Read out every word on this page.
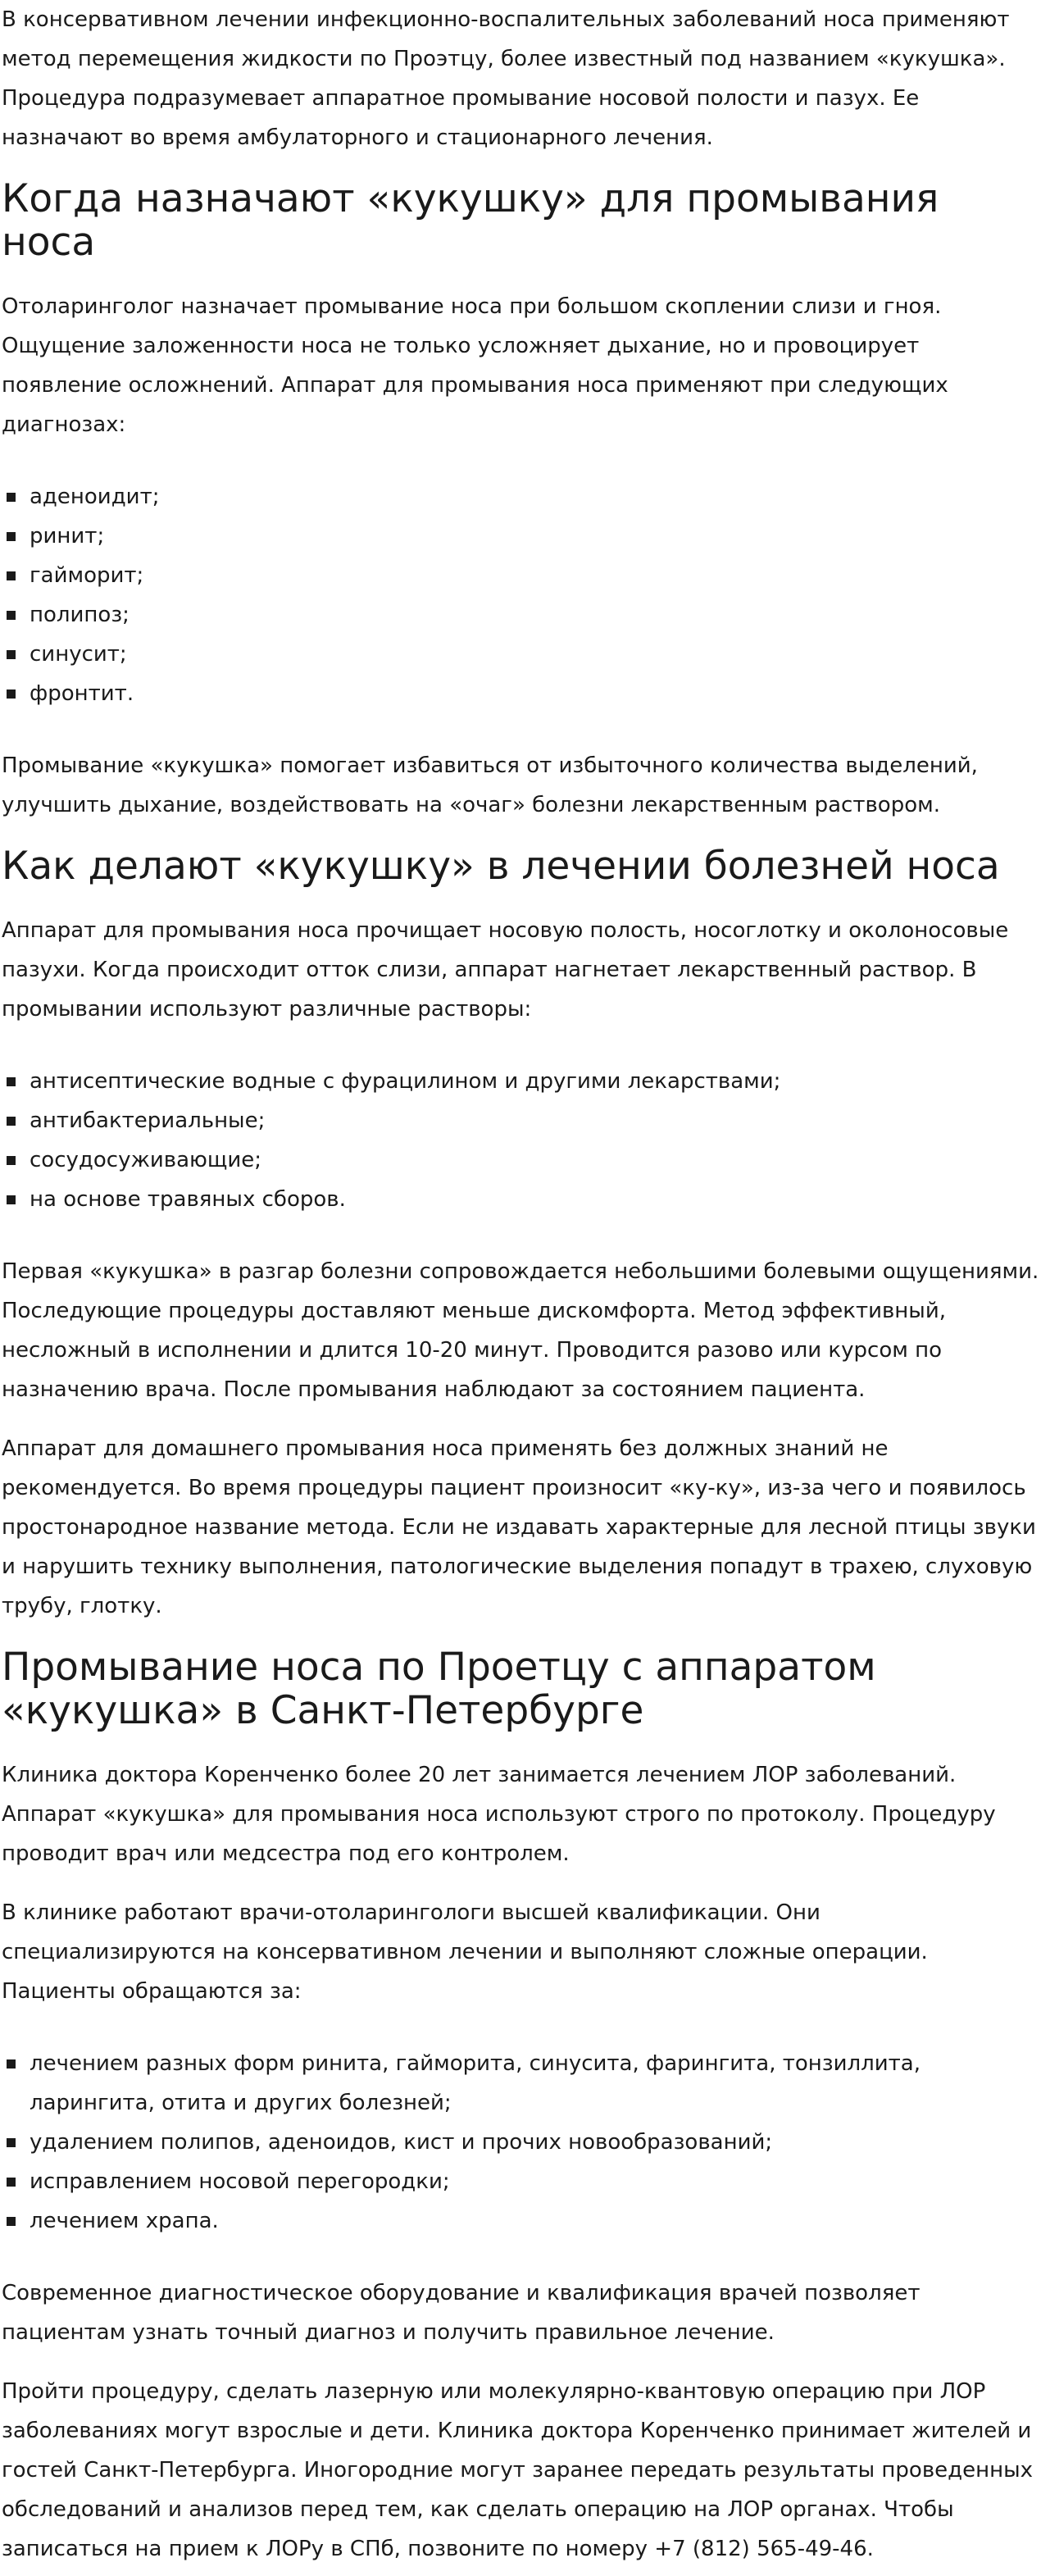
В консервативном лечении инфекционно-воспалительных заболеваний носа применяют метод перемещения жидкости по Проэтцу, более известный под названием «кукушка». Процедура подразумевает аппаратное промывание носовой полости и пазух. Ее назначают во время амбулаторного и стационарного лечения.

Когда назначают «кукушку» для промывания носа

Отоларинголог назначает промывание носа при большом скоплении слизи и гноя. Ощущение заложенности носа не только усложняет дыхание, но и провоцирует появление осложнений. Аппарат для промывания носа применяют при следующих диагнозах:

аденоидит;
ринит;
гайморит;
полипоз;
синусит;
фронтит.

Промывание «кукушка» помогает избавиться от избыточного количества выделений, улучшить дыхание, воздействовать на «очаг» болезни лекарственным раствором.

Как делают «кукушку» в лечении болезней носа

Аппарат для промывания носа прочищает носовую полость, носоглотку и околоносовые пазухи. Когда происходит отток слизи, аппарат нагнетает лекарственный раствор. В промывании используют различные растворы:

антисептические водные с фурацилином и другими лекарствами;
антибактериальные;
сосудосуживающие;
на основе травяных сборов.

Первая «кукушка» в разгар болезни сопровождается небольшими болевыми ощущениями. Последующие процедуры доставляют меньше дискомфорта. Метод эффективный, несложный в исполнении и длится 10-20 минут. Проводится разово или курсом по назначению врача. После промывания наблюдают за состоянием пациента.

Аппарат для домашнего промывания носа применять без должных знаний не рекомендуется. Во время процедуры пациент произносит «ку-ку», из-за чего и появилось простонародное название метода. Если не издавать характерные для лесной птицы звуки и нарушить технику выполнения, патологические выделения попадут в трахею, слуховую трубу, глотку.

Промывание носа по Проетцу с аппаратом «кукушка» в Санкт-Петербурге

Клиника доктора Коренченко более 20 лет занимается лечением ЛОР заболеваний. Аппарат «кукушка» для промывания носа используют строго по протоколу. Процедуру проводит врач или медсестра под его контролем.

В клинике работают врачи-отоларингологи высшей квалификации. Они специализируются на консервативном лечении и выполняют сложные операции. Пациенты обращаются за:

лечением разных форм ринита, гайморита, синусита, фарингита, тонзиллита, ларингита, отита и других болезней;
удалением полипов, аденоидов, кист и прочих новообразований;
исправлением носовой перегородки;
лечением храпа.

Современное диагностическое оборудование и квалификация врачей позволяет пациентам узнать точный диагноз и получить правильное лечение.

Пройти процедуру, сделать лазерную или молекулярно-квантовую операцию при ЛОР заболеваниях могут взрослые и дети. Клиника доктора Коренченко принимает жителей и гостей Санкт-Петербурга. Иногородние могут заранее передать результаты проведенных обследований и анализов перед тем, как сделать операцию на ЛОР органах. Чтобы записаться на прием к ЛОРу в СПб, позвоните по номеру +7 (812) 565-49-46.
